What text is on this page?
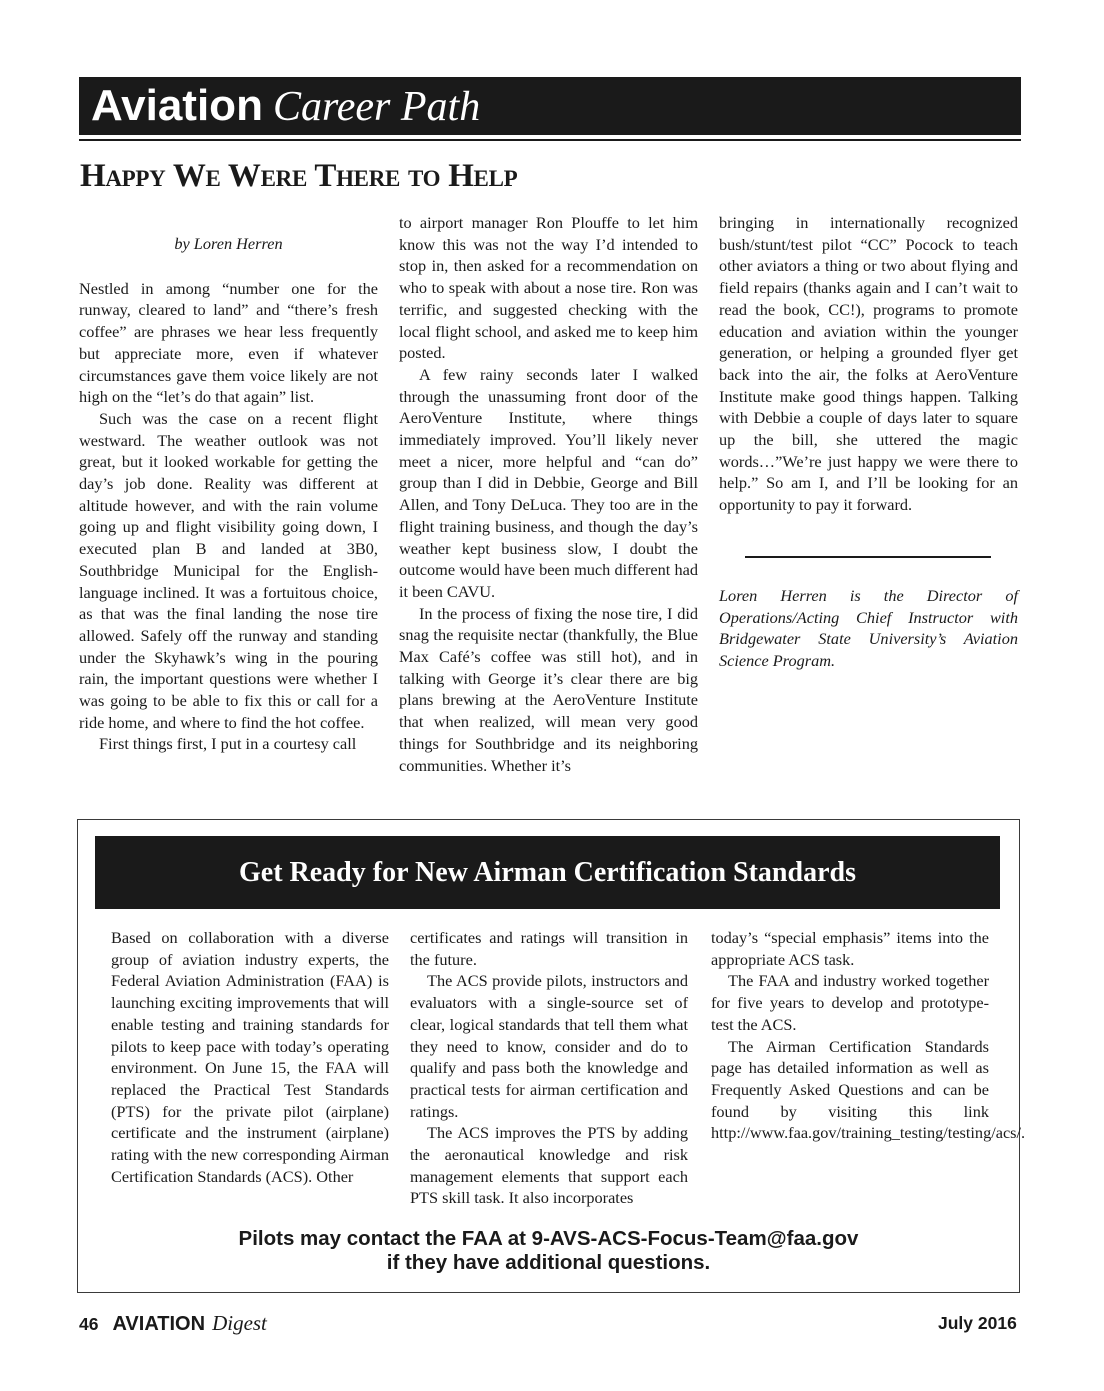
Aviation Career Path
Happy We Were There to Help

by Loren Herren

Nestled in among “number one for the runway, cleared to land” and “there’s fresh coffee” are phrases we hear less frequently but appreciate more, even if whatever circumstances gave them voice likely are not high on the “let’s do that again” list.

Such was the case on a recent flight westward. The weather outlook was not great, but it looked workable for getting the day’s job done. Reality was different at altitude however, and with the rain volume going up and flight visibility going down, I executed plan B and landed at 3B0, Southbridge Municipal for the English-language inclined. It was a fortuitous choice, as that was the final landing the nose tire allowed. Safely off the runway and standing under the Skyhawk’s wing in the pouring rain, the important questions were whether I was going to be able to fix this or call for a ride home, and where to find the hot coffee.

First things first, I put in a courtesy call

to airport manager Ron Plouffe to let him know this was not the way I’d intended to stop in, then asked for a recommendation on who to speak with about a nose tire. Ron was terrific, and suggested checking with the local flight school, and asked me to keep him posted.

A few rainy seconds later I walked through the unassuming front door of the AeroVenture Institute, where things immediately improved. You’ll likely never meet a nicer, more helpful and “can do” group than I did in Debbie, George and Bill Allen, and Tony DeLuca. They too are in the flight training business, and though the day’s weather kept business slow, I doubt the outcome would have been much different had it been CAVU.

In the process of fixing the nose tire, I did snag the requisite nectar (thankfully, the Blue Max Café’s coffee was still hot), and in talking with George it’s clear there are big plans brewing at the AeroVenture Institute that when realized, will mean very good things for Southbridge and its neighboring communities. Whether it’s

bringing in internationally recognized bush/stunt/test pilot “CC” Pocock to teach other aviators a thing or two about flying and field repairs (thanks again and I can’t wait to read the book, CC!), programs to promote education and aviation within the younger generation, or helping a grounded flyer get back into the air, the folks at AeroVenture Institute make good things happen. Talking with Debbie a couple of days later to square up the bill, she uttered the magic words…”We’re just happy we were there to help.” So am I, and I’ll be looking for an opportunity to pay it forward.

Loren Herren is the Director of Operations/Acting Chief Instructor with Bridgewater State University’s Aviation Science Program.

Get Ready for New Airman Certification Standards

Based on collaboration with a diverse group of aviation industry experts, the Federal Aviation Administration (FAA) is launching exciting improvements that will enable testing and training standards for pilots to keep pace with today’s operating environment. On June 15, the FAA will replaced the Practical Test Standards (PTS) for the private pilot (airplane) certificate and the instrument (airplane) rating with the new corresponding Airman Certification Standards (ACS). Other

certificates and ratings will transition in the future.

The ACS provide pilots, instructors and evaluators with a single-source set of clear, logical standards that tell them what they need to know, consider and do to qualify and pass both the knowledge and practical tests for airman certification and ratings.

The ACS improves the PTS by adding the aeronautical knowledge and risk management elements that support each PTS skill task. It also incorporates

today’s “special emphasis” items into the appropriate ACS task.

The FAA and industry worked together for five years to develop and prototype-test the ACS.

The Airman Certification Standards page has detailed information as well as Frequently Asked Questions and can be found by visiting this link http://www.faa.gov/training_testing/testing/acs/.

Pilots may contact the FAA at 9-AVS-ACS-Focus-Team@faa.gov
if they have additional questions.
46 AVIATION Digest	July 2016
